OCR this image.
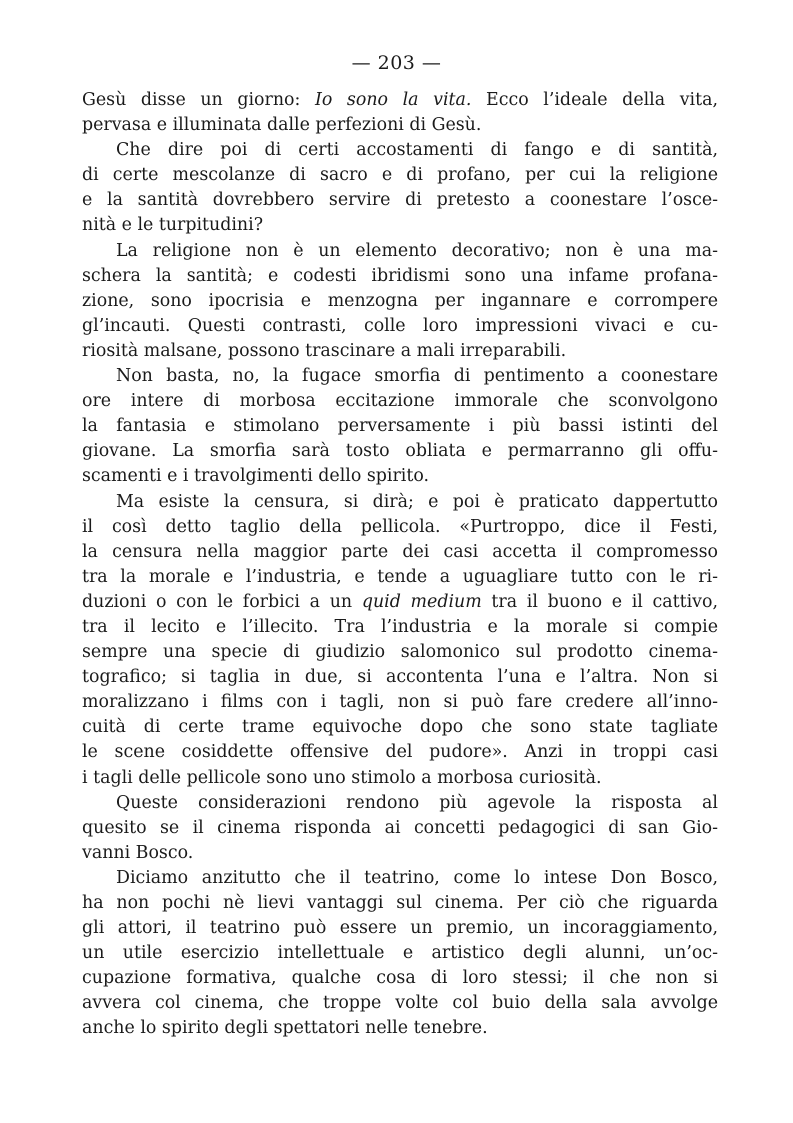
— 203 —
Gesù disse un giorno: Io sono la vita. Ecco l’ideale della vita,
pervasa e illuminata dalle perfezioni di Gesù.
Che dire poi di certi accostamenti di fango e di santità,
di certe mescolanze di sacro e di profano, per cui la religione
e la santità dovrebbero servire di pretesto a coonestare l’osce-
nità e le turpitudini?
La religione non è un elemento decorativo; non è una ma-
schera la santità; e codesti ibridismi sono una infame profana-
zione, sono ipocrisia e menzogna per ingannare e corrompere
gl’incauti. Questi contrasti, colle loro impressioni vivaci e cu-
riosità malsane, possono trascinare a mali irreparabili.
Non basta, no, la fugace smorfia di pentimento a coonestare
ore intere di morbosa eccitazione immorale che sconvolgono
la fantasia e stimolano perversamente i più bassi istinti del
giovane. La smorfia sarà tosto obliata e permarranno gli offu-
scamenti e i travolgimenti dello spirito.
Ma esiste la censura, si dirà; e poi è praticato dappertutto
il così detto taglio della pellicola. «Purtroppo, dice il Festi,
la censura nella maggior parte dei casi accetta il compromesso
tra la morale e l’industria, e tende a uguagliare tutto con le ri-
duzioni o con le forbici a un quid medium tra il buono e il cattivo,
tra il lecito e l’illecito. Tra l’industria e la morale si compie
sempre una specie di giudizio salomonico sul prodotto cinema-
tografico; si taglia in due, si accontenta l’una e l’altra. Non si
moralizzano i films con i tagli, non si può fare credere all’inno-
cuità di certe trame equivoche dopo che sono state tagliate
le scene cosiddette offensive del pudore». Anzi in troppi casi
i tagli delle pellicole sono uno stimolo a morbosa curiosità.
Queste considerazioni rendono più agevole la risposta al
quesito se il cinema risponda ai concetti pedagogici di san Gio-
vanni Bosco.
Diciamo anzitutto che il teatrino, come lo intese Don Bosco,
ha non pochi nè lievi vantaggi sul cinema. Per ciò che riguarda
gli attori, il teatrino può essere un premio, un incoraggiamento,
un utile esercizio intellettuale e artistico degli alunni, un’oc-
cupazione formativa, qualche cosa di loro stessi; il che non si
avvera col cinema, che troppe volte col buio della sala avvolge
anche lo spirito degli spettatori nelle tenebre.
